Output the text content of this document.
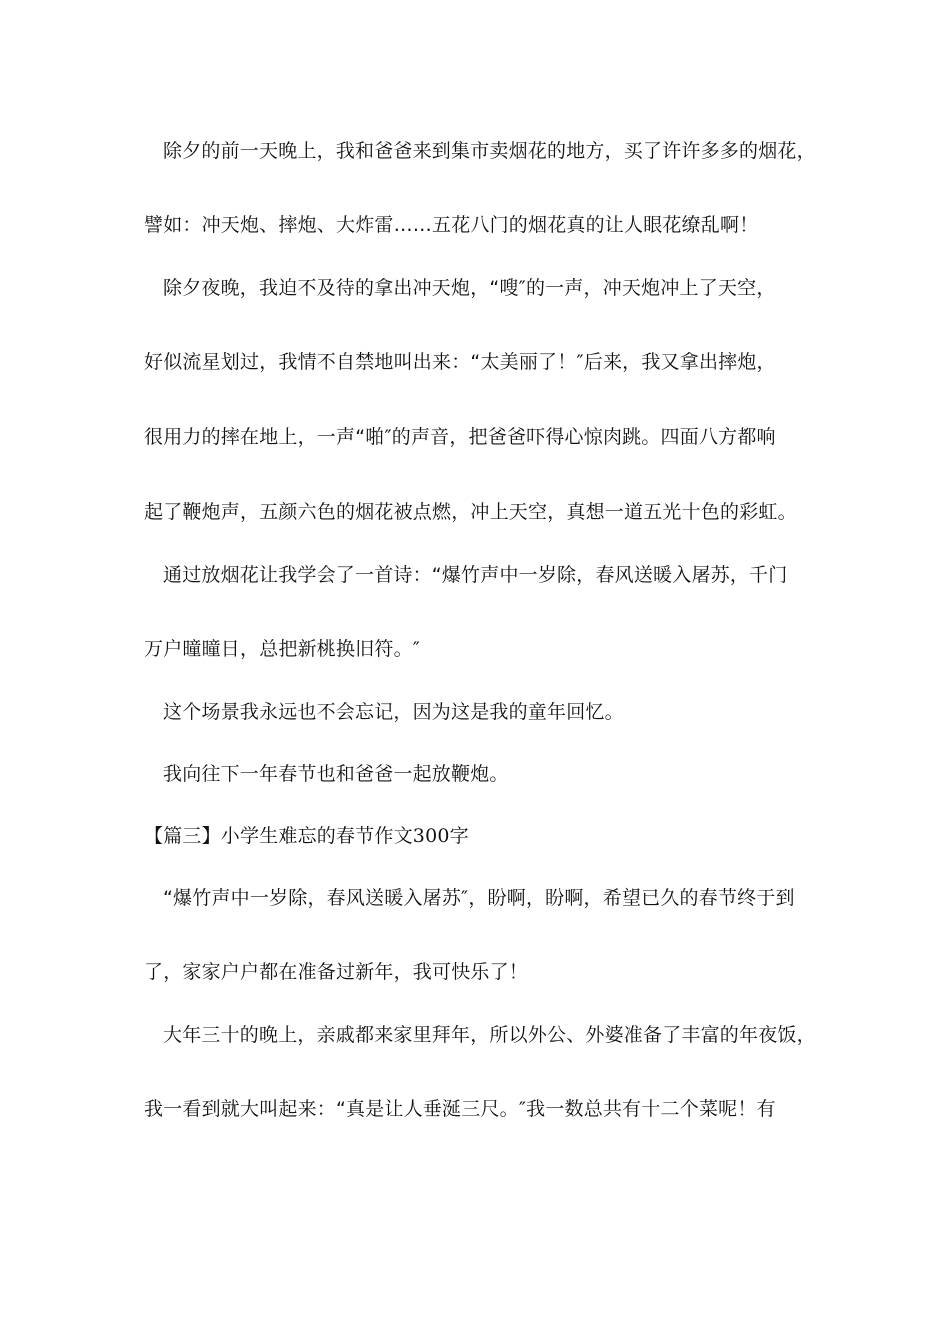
除夕的前一天晚上，我和爸爸来到集市卖烟花的地方，买了许许多多的烟花，
譬如：冲天炮、摔炮、大炸雷……五花八门的烟花真的让人眼花缭乱啊！
除夕夜晚，我迫不及待的拿出冲天炮，“嗖″的一声，冲天炮冲上了天空，
好似流星划过，我情不自禁地叫出来：“太美丽了！″后来，我又拿出摔炮，
很用力的摔在地上，一声“啪″的声音，把爸爸吓得心惊肉跳。四面八方都响
起了鞭炮声，五颜六色的烟花被点燃，冲上天空，真想一道五光十色的彩虹。
通过放烟花让我学会了一首诗：“爆竹声中一岁除，春风送暖入屠苏，千门
万户曈曈日，总把新桃换旧符。″
这个场景我永远也不会忘记，因为这是我的童年回忆。
我向往下一年春节也和爸爸一起放鞭炮。
【篇三】小学生难忘的春节作文300字
“爆竹声中一岁除，春风送暖入屠苏″，盼啊，盼啊，希望已久的春节终于到
了，家家户户都在准备过新年，我可快乐了！
大年三十的晚上，亲戚都来家里拜年，所以外公、外婆准备了丰富的年夜饭，
我一看到就大叫起来：“真是让人垂涎三尺。″我一数总共有十二个菜呢！有
